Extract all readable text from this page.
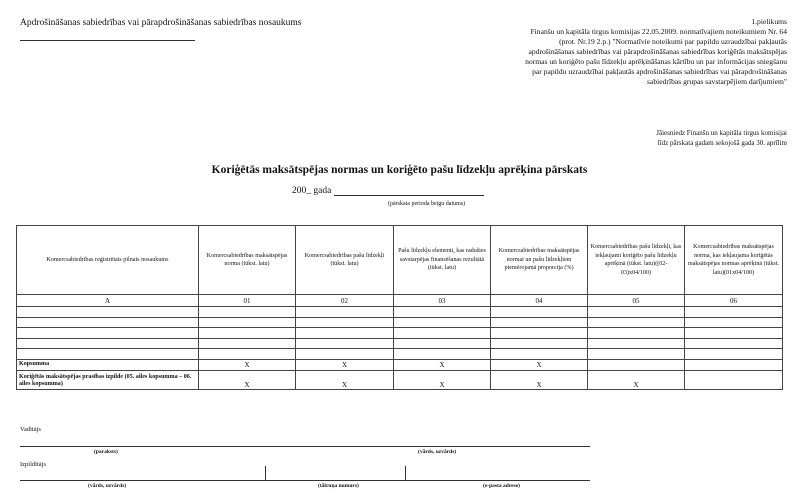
Apdrošināšanas sabiedrības vai pārapdrošināšanas sabiedrības nosaukums	1.pielikums
Finanšu un kapitāla tirgus komisijas 22.05.2009. normatīvajiem noteikumiem Nr. 64
(prot. Nr.19 2.p.) "Normatīvie noteikumi par papildu uzraudzībai pakļautās
apdrošināšanas sabiedrības vai pārapdrošināšanas sabiedrības koriģētās maksātspējas
normas un koriģēto pašu līdzekļu aprēķināšanas kārtību un par informācijas sniegšanu
par papildu uzraudzībai pakļautās apdrošināšanas sabiedrības vai pārapdrošināšanas
sabiedrības grupas savstarpējiem darījumiem"
Jāiesniedz Finanšu un kapitāla tirgus komisijai
līdz pārskata gadam sekojošā gada 30. aprīlim
Koriģētās maksātspējas normas un koriģēto pašu līdzekļu aprēķina pārskats
200_ gada
(pārskata perioda beigu datums)
Komercsabiedrības reģistrētais pilnais nosaukums	Komercsabiedrības maksātspējas norma (tūkst. latu)	Komercsabiedrības pašu līdzekļi (tūkst. latu)	Pašu līdzekļu elementi, kas radušies savstarpējas finansēšanas rezultātā (tūkst. latu)	Komercsabiedrības maksātspējas normai un pašu līdzekļiem piemērojamā proporcija (%)	Komercsabiedrības pašu līdzekļi, kas iekļaujami koriģēto pašu līdzekļu aprēķinā (tūkst. latu)((02-03)x04/100)	Komercsabiedrības maksātspējas norma, kas iekļaujama koriģētās maksātspējas normas aprēķinā (tūkst. latu)(01x04/100)
A	01	02	03	04	05	06

Kopsumma	X	X	X	X		
Koriģētās maksātspējas prasības izpilde (05. ailes kopsumma – 06. ailes kopsumma)	X	X	X	X	X	
Vadītājs
(paraksts)	(vārds, uzvārds)
Izpildītājs
(vārds, uzvārds)	(tālruņa numurs)	(e-pasta adrese)
